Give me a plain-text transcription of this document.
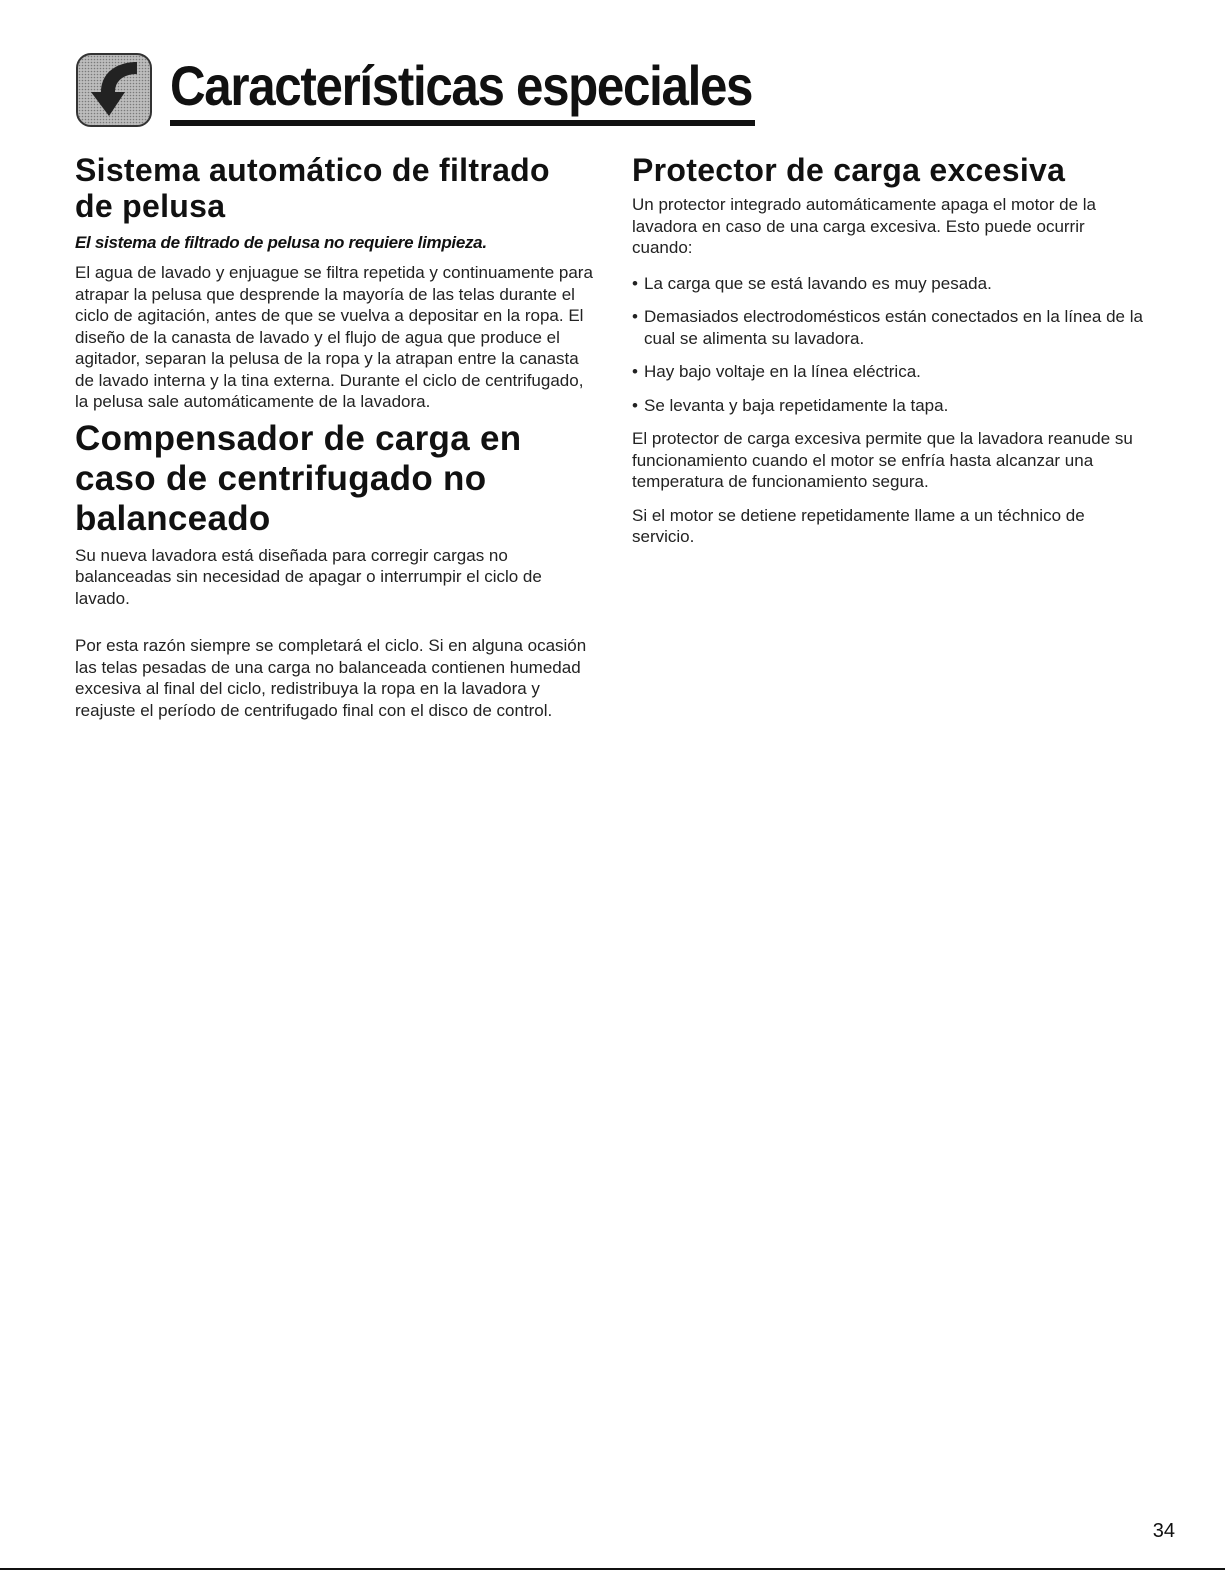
Características especiales
Sistema automático de filtrado de pelusa
El sistema de filtrado de pelusa no requiere limpieza.

El agua de lavado y enjuague se filtra repetida y continuamente para atrapar la pelusa que desprende la mayoría de las telas durante el ciclo de agitación, antes de que se vuelva a depositar en la ropa. El diseño de la canasta de lavado y el flujo de agua que produce el agitador, separan la pelusa de la ropa y la atrapan entre la canasta de lavado interna y la tina externa. Durante el ciclo de centrifugado, la pelusa sale automáticamente de la lavadora.

Compensador de carga en caso de centrifugado no balanceado

Su nueva lavadora está diseñada para corregir cargas no balanceadas sin necesidad de apagar o interrumpir el ciclo de lavado.

Por esta razón siempre se completará el ciclo. Si en alguna ocasión las telas pesadas de una carga no balanceada contienen humedad excesiva al final del ciclo, redistribuya la ropa en la lavadora y reajuste el período de centrifugado final con el disco de control.

Protector de carga excesiva

Un protector integrado automáticamente apaga el motor de la lavadora en caso de una carga excesiva. Esto puede ocurrir cuando:

• La carga que se está lavando es muy pesada.
• Demasiados electrodomésticos están conectados en la línea de la cual se alimenta su lavadora.
• Hay bajo voltaje en la línea eléctrica.
• Se levanta y baja repetidamente la tapa.

El protector de carga excesiva permite que la lavadora reanude su funcionamiento cuando el motor se enfría hasta alcanzar una temperatura de funcionamiento segura.

Si el motor se detiene repetidamente llame a un téchnico de servicio.

34
